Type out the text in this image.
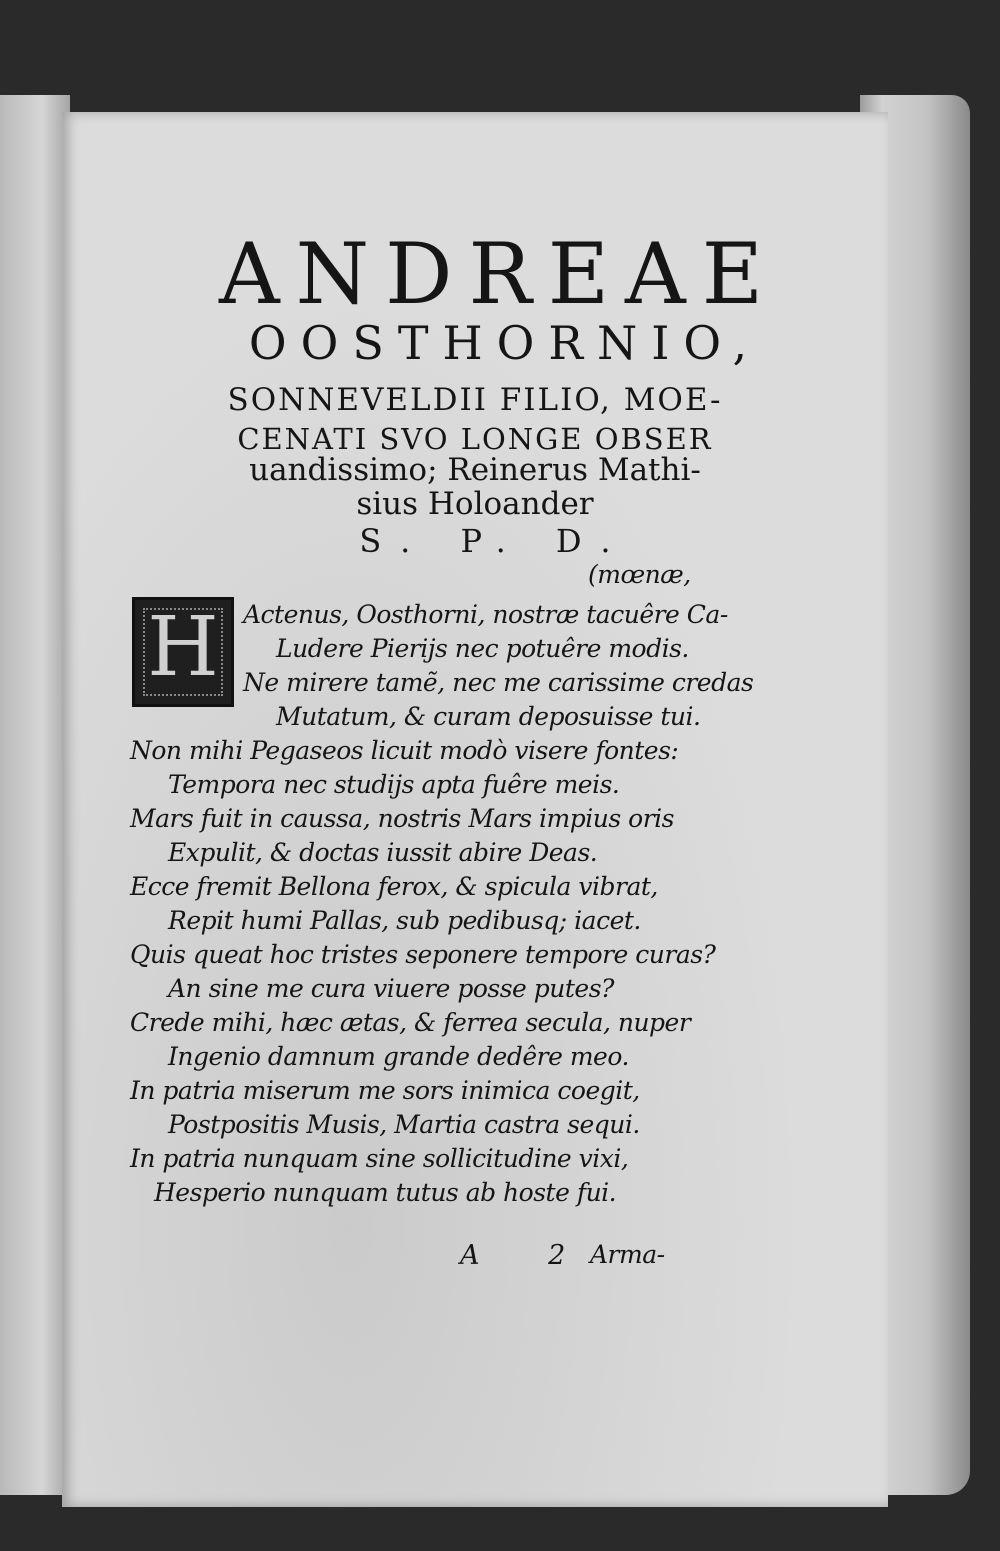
ANDREAE
OOSTHORNIO,
SONNEVELDII FILIO, MOE-
CENATI SVO LONGE OBSER
uandissimo; Reinerus Mathi-
sius Holoander
S. P. D.
H
(mœnæ,
Actenus, Oosthorni, nostræ tacuêre Ca-
Ludere Pierijs nec potuêre modis.
Ne mirere tamẽ, nec me carissime credas
Mutatum, & curam deposuisse tui.
Non mihi Pegaseos licuit modò visere fontes:
Tempora nec studijs apta fuêre meis.
Mars fuit in caussa, nostris Mars impius oris
Expulit, & doctas iussit abire Deas.
Ecce fremit Bellona ferox, & spicula vibrat,
Repit humi Pallas, sub pedibusq; iacet.
Quis queat hoc tristes seponere tempore curas?
An sine me cura viuere posse putes?
Crede mihi, hæc ætas, & ferrea secula, nuper
Ingenio damnum grande dedêre meo.
In patria miserum me sors inimica coegit,
Postpositis Musis, Martia castra sequi.
In patria nunquam sine sollicitudine vixi,
Hesperio nunquam tutus ab hoste fui.
A 2
Arma-
